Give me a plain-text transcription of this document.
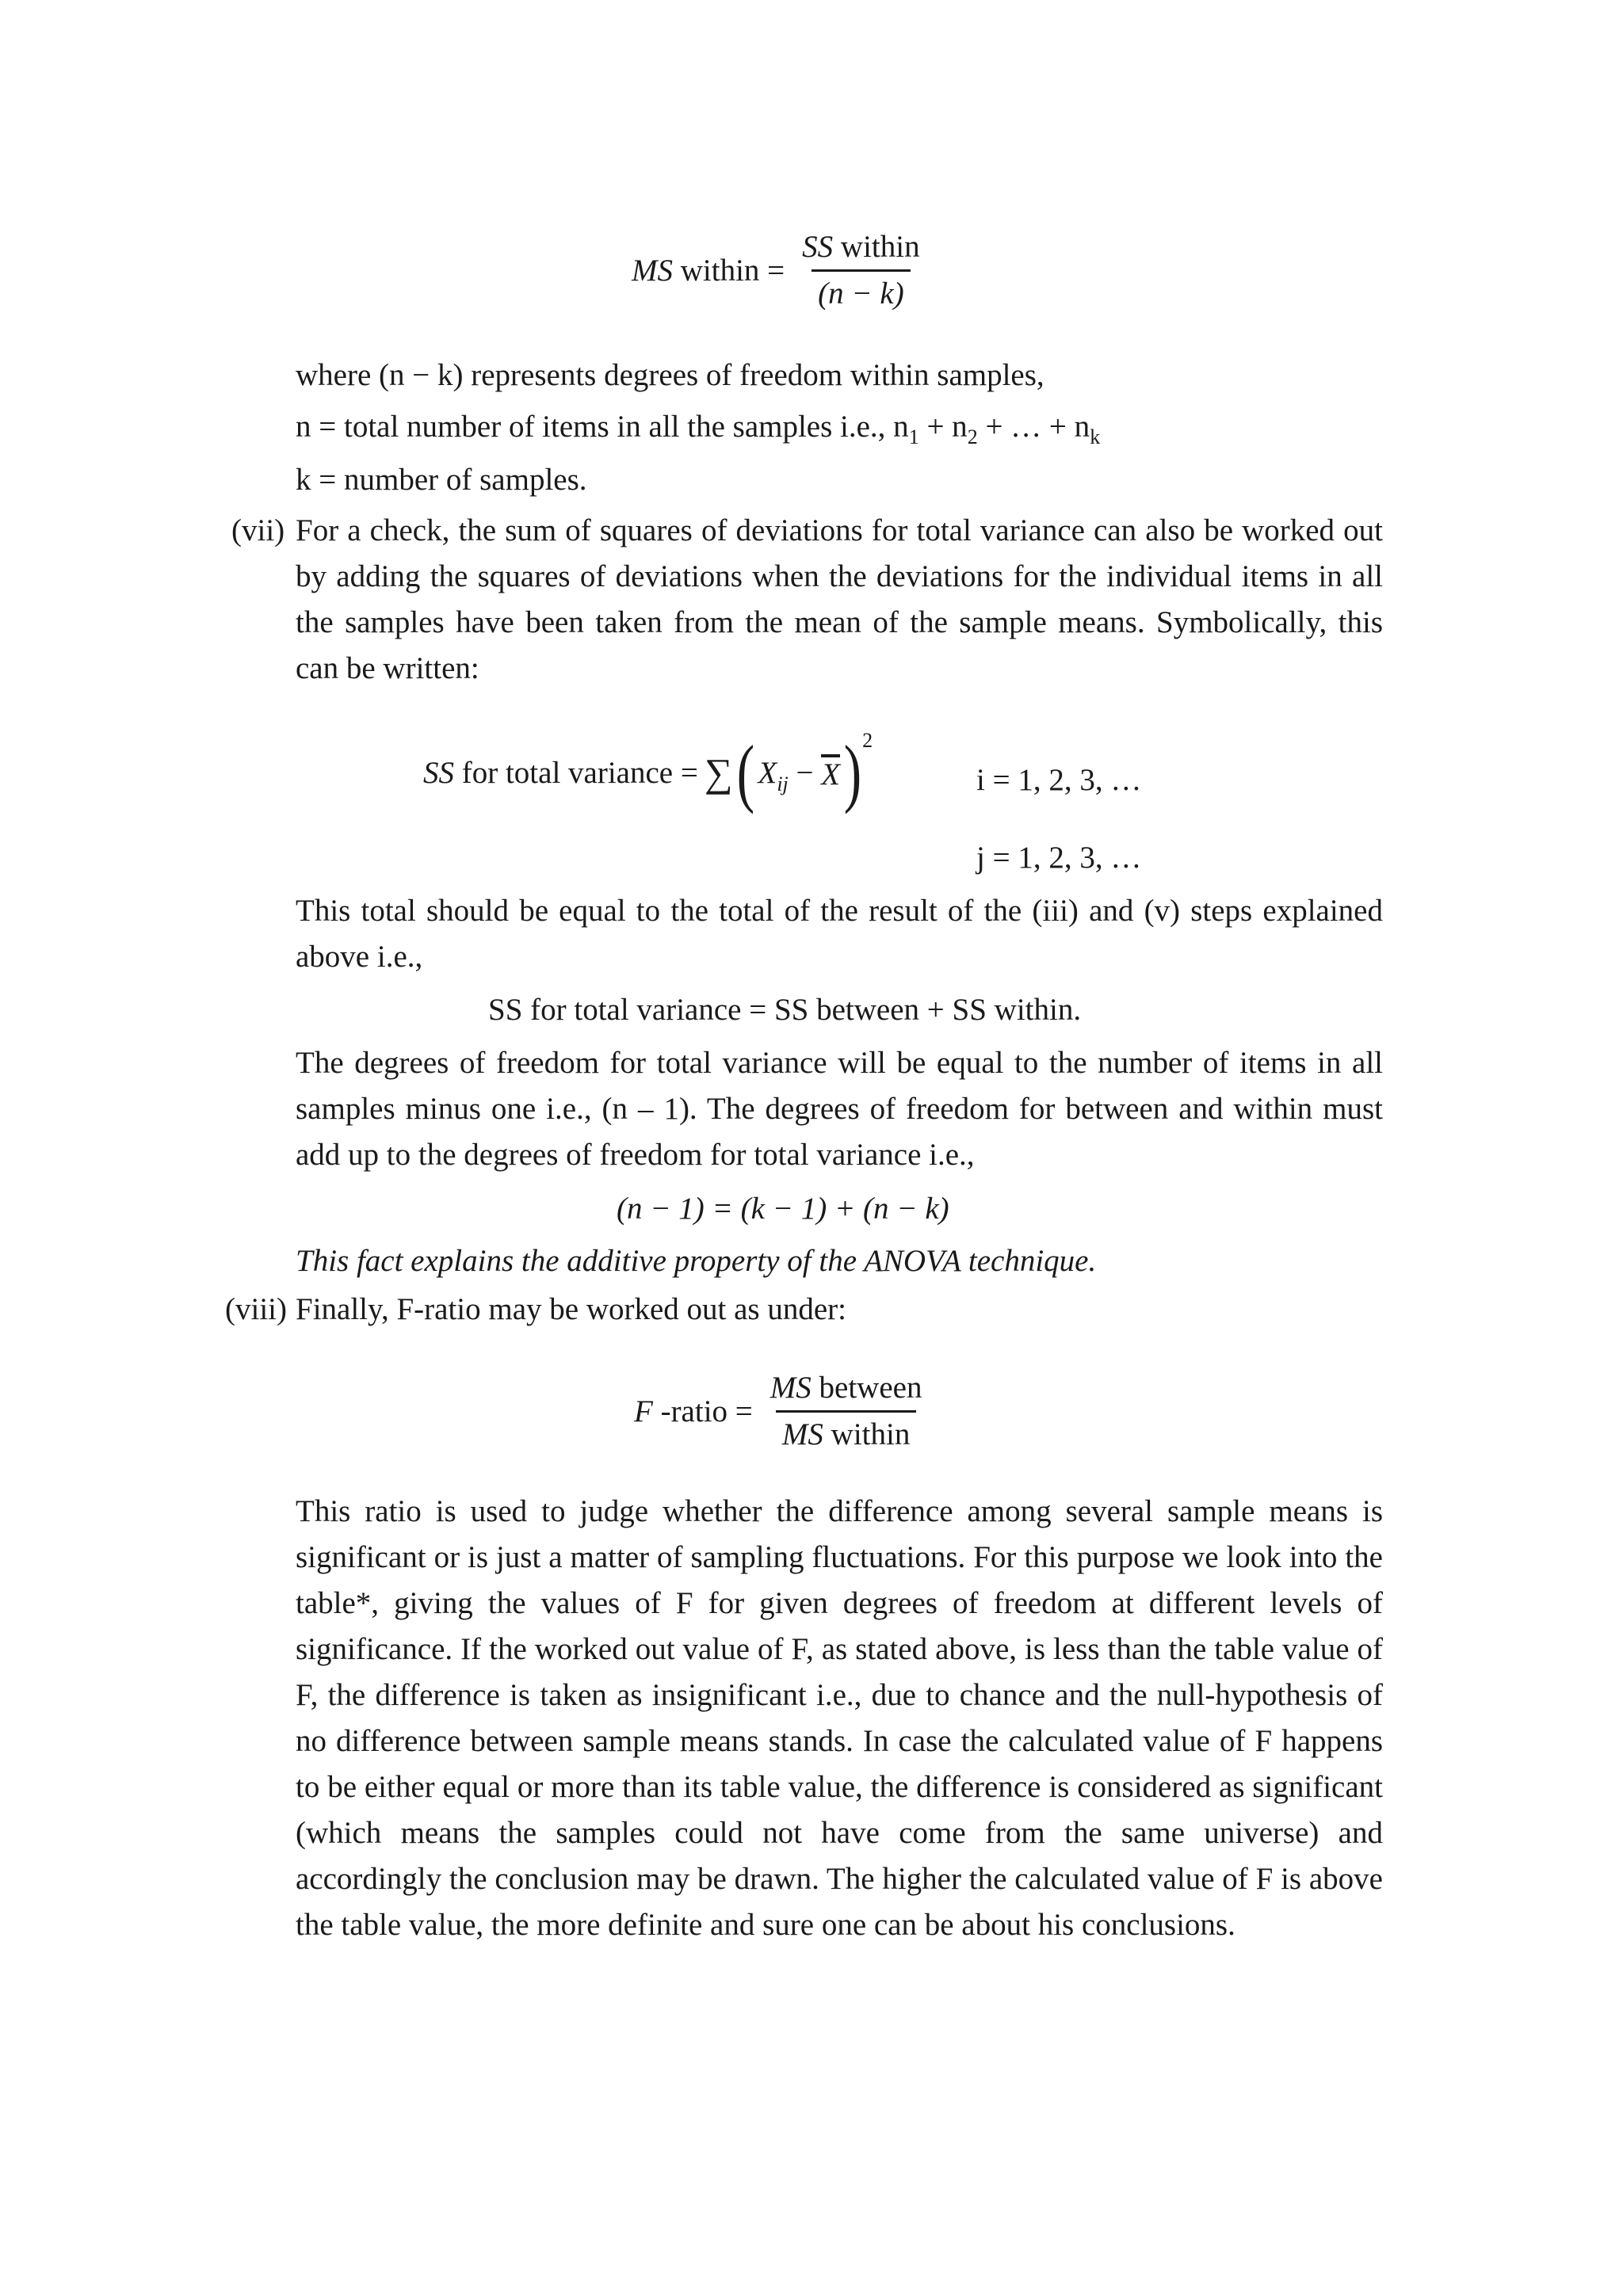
MS within = $\frac{\text{SS within}}{(n - k)}$
where (n − k) represents degrees of freedom within samples,
n = total number of items in all the samples i.e., $n_1 + n_2$ + … + $n_k$
k = number of samples.
(vii) For a check, the sum of squares of deviations for total variance can also be worked out by adding the squares of deviations when the deviations for the individual items in all the samples have been taken from the mean of the sample means. Symbolically, this can be written:
SS for total variance = ∑ ( $X_{ij} - X$ )$^2$
i = 1, 2, 3, …
j = 1, 2, 3, …
This total should be equal to the total of the result of the (iii) and (v) steps explained above i.e.,
SS for total variance = SS between + SS within.
The degrees of freedom for total variance will be equal to the number of items in all samples minus one i.e., (n – 1). The degrees of freedom for between and within must add up to the degrees of freedom for total variance i.e.,
(n − 1) = (k − 1) + (n − k)
This fact explains the additive property of the ANOVA technique.
(viii) Finally, F-ratio may be worked out as under:
F -ratio = $\frac{\text{MS between}}{\text{MS within}}$
This ratio is used to judge whether the difference among several sample means is significant or is just a matter of sampling fluctuations. For this purpose we look into the table*, giving the values of F for given degrees of freedom at different levels of significance. If the worked out value of F, as stated above, is less than the table value of F, the difference is taken as insignificant i.e., due to chance and the null-hypothesis of no difference between sample means stands. In case the calculated value of F happens to be either equal or more than its table value, the difference is considered as significant (which means the samples could not have come from the same universe) and accordingly the conclusion may be drawn. The higher the calculated value of F is above the table value, the more definite and sure one can be about his conclusions.
